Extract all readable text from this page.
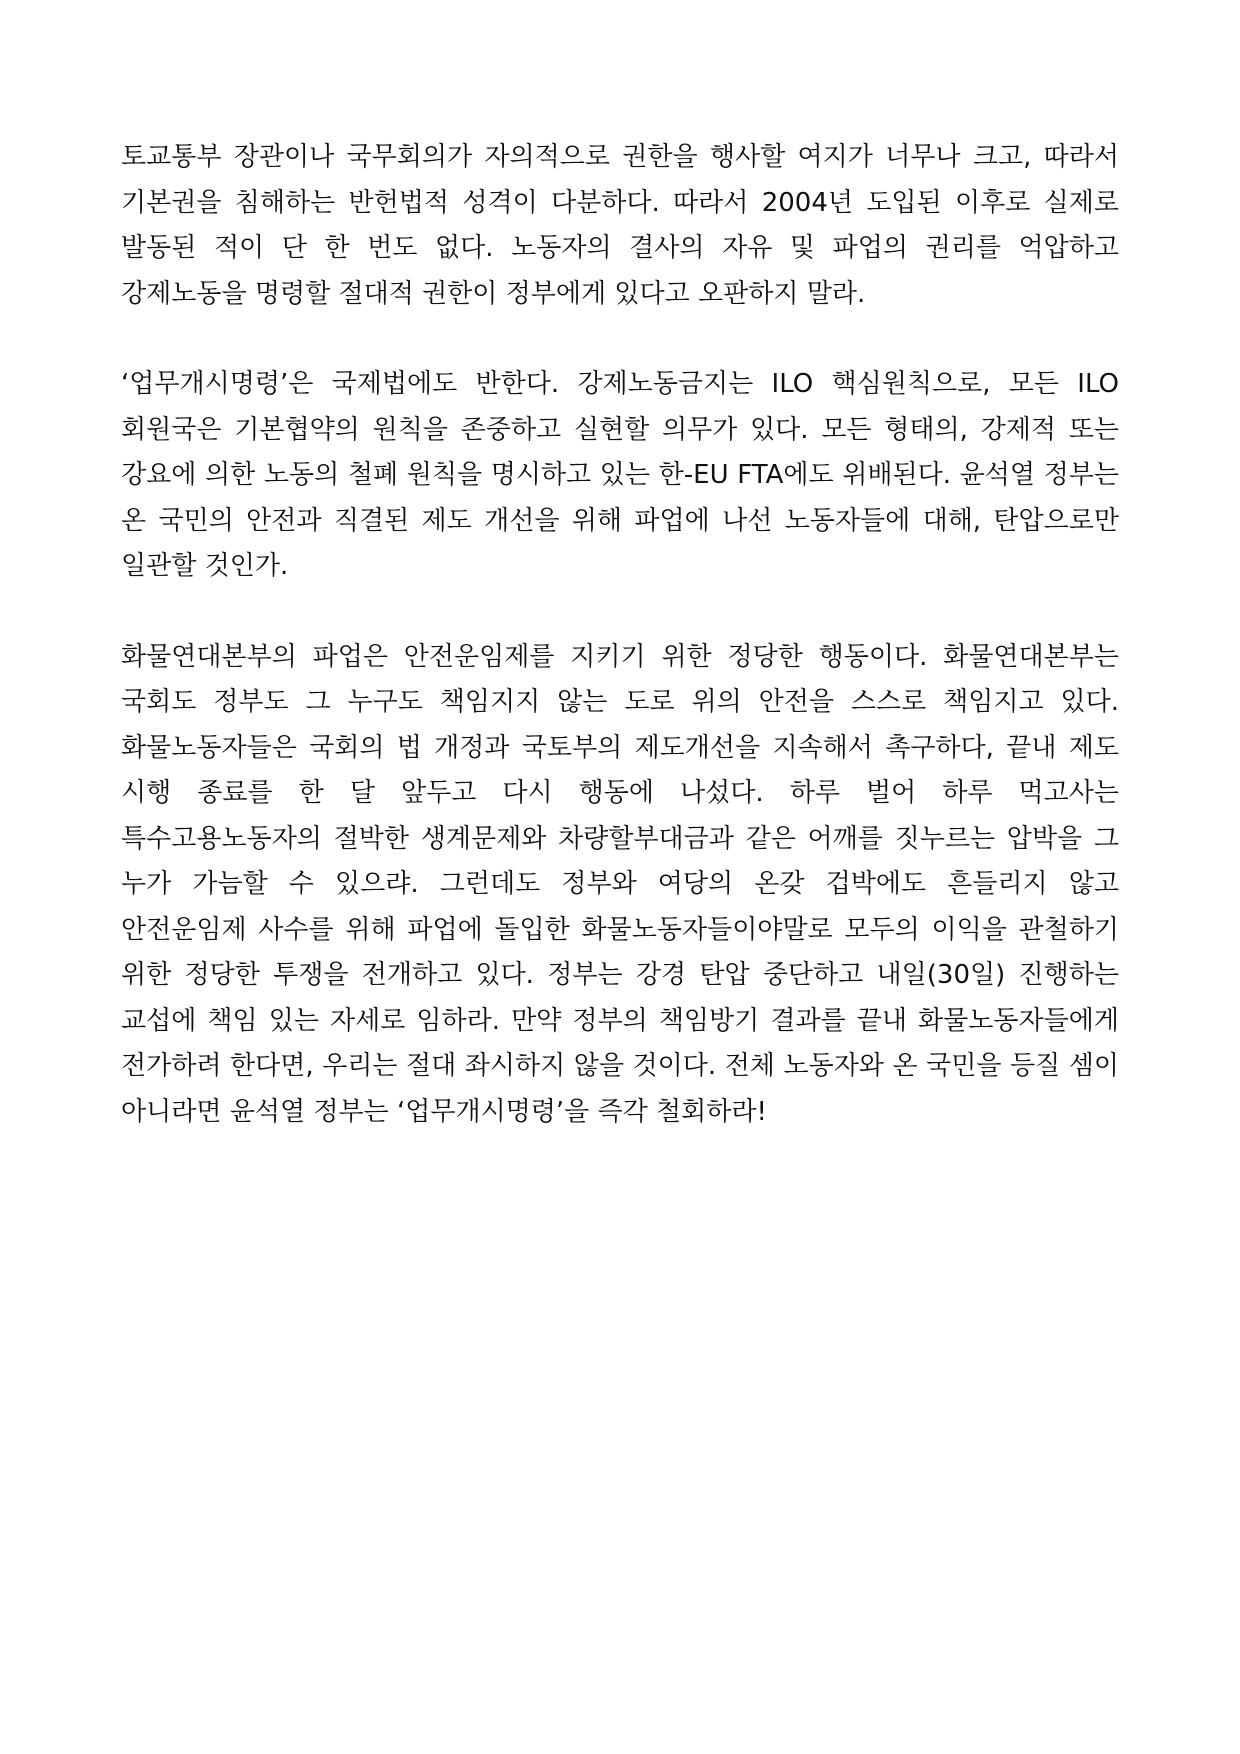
토교통부 장관이나 국무회의가 자의적으로 권한을 행사할 여지가 너무나 크고, 따라서 기본권을 침해하는 반헌법적 성격이 다분하다. 따라서 2004년 도입된 이후로 실제로 발동된 적이 단 한 번도 없다. 노동자의 결사의 자유 및 파업의 권리를 억압하고 강제노동을 명령할 절대적 권한이 정부에게 있다고 오판하지 말라.

‘업무개시명령’은 국제법에도 반한다. 강제노동금지는 ILO 핵심원칙으로, 모든 ILO 회원국은 기본협약의 원칙을 존중하고 실현할 의무가 있다. 모든 형태의, 강제적 또는 강요에 의한 노동의 철폐 원칙을 명시하고 있는 한-EU FTA에도 위배된다. 윤석열 정부는 온 국민의 안전과 직결된 제도 개선을 위해 파업에 나선 노동자들에 대해, 탄압으로만 일관할 것인가.

화물연대본부의 파업은 안전운임제를 지키기 위한 정당한 행동이다. 화물연대본부는 국회도 정부도 그 누구도 책임지지 않는 도로 위의 안전을 스스로 책임지고 있다. 화물노동자들은 국회의 법 개정과 국토부의 제도개선을 지속해서 촉구하다, 끝내 제도 시행 종료를 한 달 앞두고 다시 행동에 나섰다. 하루 벌어 하루 먹고사는 특수고용노동자의 절박한 생계문제와 차량할부대금과 같은 어깨를 짓누르는 압박을 그 누가 가늠할 수 있으랴. 그런데도 정부와 여당의 온갖 겁박에도 흔들리지 않고 안전운임제 사수를 위해 파업에 돌입한 화물노동자들이야말로 모두의 이익을 관철하기 위한 정당한 투쟁을 전개하고 있다. 정부는 강경 탄압 중단하고 내일(30일) 진행하는 교섭에 책임 있는 자세로 임하라. 만약 정부의 책임방기 결과를 끝내 화물노동자들에게 전가하려 한다면, 우리는 절대 좌시하지 않을 것이다. 전체 노동자와 온 국민을 등질 셈이 아니라면 윤석열 정부는 ‘업무개시명령’을 즉각 철회하라!
